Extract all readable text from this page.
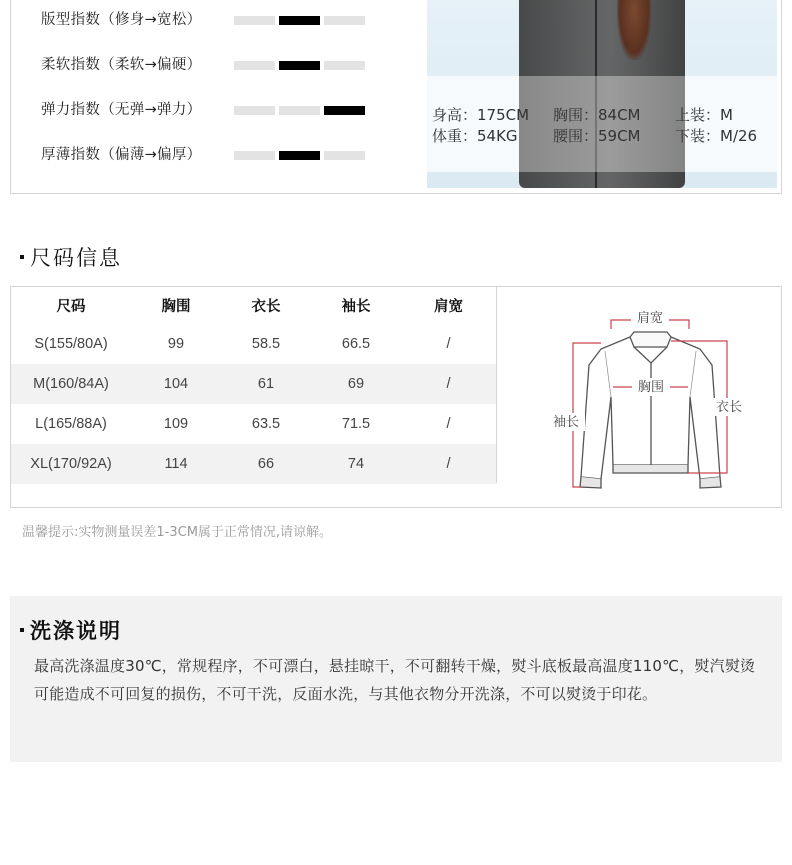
版型指数（修身→宽松）
柔软指数（柔软→偏硬）
弹力指数（无弹→弹力）
厚薄指数（偏薄→偏厚）
身高：175CM 胸围：84CM 上装：M
体重：54KG 腰围：59CM 下装：M/26
尺码信息
尺码	胸围	衣长	袖长	肩宽
S(155/80A)	99	58.5	66.5	/
M(160/84A)	104	61	69	/
L(165/88A)	109	63.5	71.5	/
XL(170/92A)	114	66	74	/
肩宽
胸围
袖长
衣长
温馨提示:实物测量误差1-3CM属于正常情况,请谅解。
洗涤说明

最高洗涤温度30℃，常规程序，不可漂白，悬挂晾干，不可翻转干燥，熨斗底板最高温度110℃，熨汽熨烫可能造成不可回复的损伤，不可干洗，反面水洗，与其他衣物分开洗涤，不可以熨烫于印花。
